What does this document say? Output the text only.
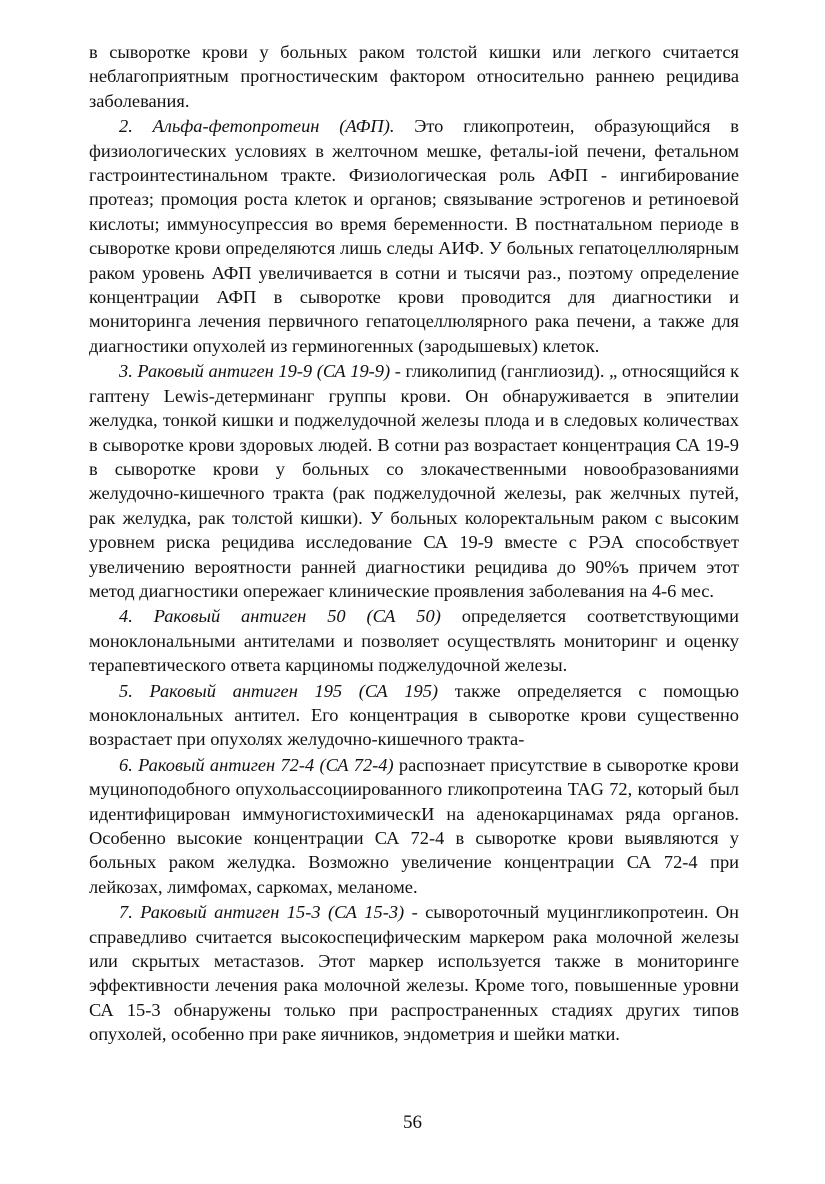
в сыворотке крови у больных раком толстой кишки или легкого считается неблагоприятным прогностическим фактором относительно раннею рецидива заболевания.

2. Альфа-фетопротеин (АФП). Это гликопротеин, образующийся в физиологических условиях в желточном мешке, феталы-ioй печени, фетальном гастроинтестинальном тракте. Физиологическая роль АФП - ингибирование протеаз; промоция роста клеток и органов; связывание эстрогенов и ретиноевой кислоты; иммуносупрессия во время беременности. В постнатальном периоде в сыворотке крови определяются лишь следы АИФ. У больных гепатоцеллюлярным раком уровень АФП увеличивается в сотни и тысячи раз., поэтому определение концентрации АФП в сыворотке крови проводится для диагностики и мониторинга лечения первичного гепатоцеллюлярного рака печени, а также для диагностики опухолей из герминогенных (зародышевых) клеток.

3. Раковый антиген 19-9 (СА 19-9) - гликолипид (ганглиозид). „ относящийся к гаптену Lewis-детерминанг группы крови. Он обнаруживается в эпителии желудка, тонкой кишки и поджелудочной железы плода и в следовых количествах в сыворотке крови здоровых людей. В сотни раз возрастает концентрация СА 19-9 в сыворотке крови у больных со злокачественными новообразованиями желудочно-кишечного тракта (рак поджелудочной железы, рак желчных путей, рак желудка, рак толстой кишки). У больных колоректальным раком с высоким уровнем риска рецидива исследование СА 19-9 вместе с РЭА способствует увеличению вероятности ранней диагностики рецидива до 90%ъ причем этот метод диагностики опережаег клинические проявления заболевания на 4-6 мес.

4. Раковый антиген 50 (СА 50) определяется соответствующими моноклональными антителами и позволяет осуществлять мониторинг и оценку терапевтического ответа карциномы поджелудочной железы.

5. Раковый антиген 195 (СА 195) также определяется с помощью моноклональных антител. Его концентрация в сыворотке крови существенно возрастает при опухолях желудочно-кишечного тракта-

6. Раковый антиген 72-4 (СА 72-4) распознает присутствие в сыворотке крови муциноподобного опухольассоциированного гликопротеина TAG 72, который был идентифицирован иммуногистохимическИ на аденокарцинамах ряда органов. Особенно высокие концентрации СА 72-4 в сыворотке крови выявляются у больных раком желудка. Возможно увеличение концентрации СА 72-4 при лейкозах, лимфомах, саркомах, меланоме.

7. Раковый антиген 15-3 (СА 15-3) - сывороточный муцингликопротеин. Он справедливо считается высокоспецифическим маркером рака молочной железы или скрытых метастазов. Этот маркер используется также в мониторинге эффективности лечения рака молочной железы. Кроме того, повышенные уровни СА 15-3 обнаружены только при распространенных стадиях других типов опухолей, особенно при раке яичников, эндометрия и шейки матки.

56
